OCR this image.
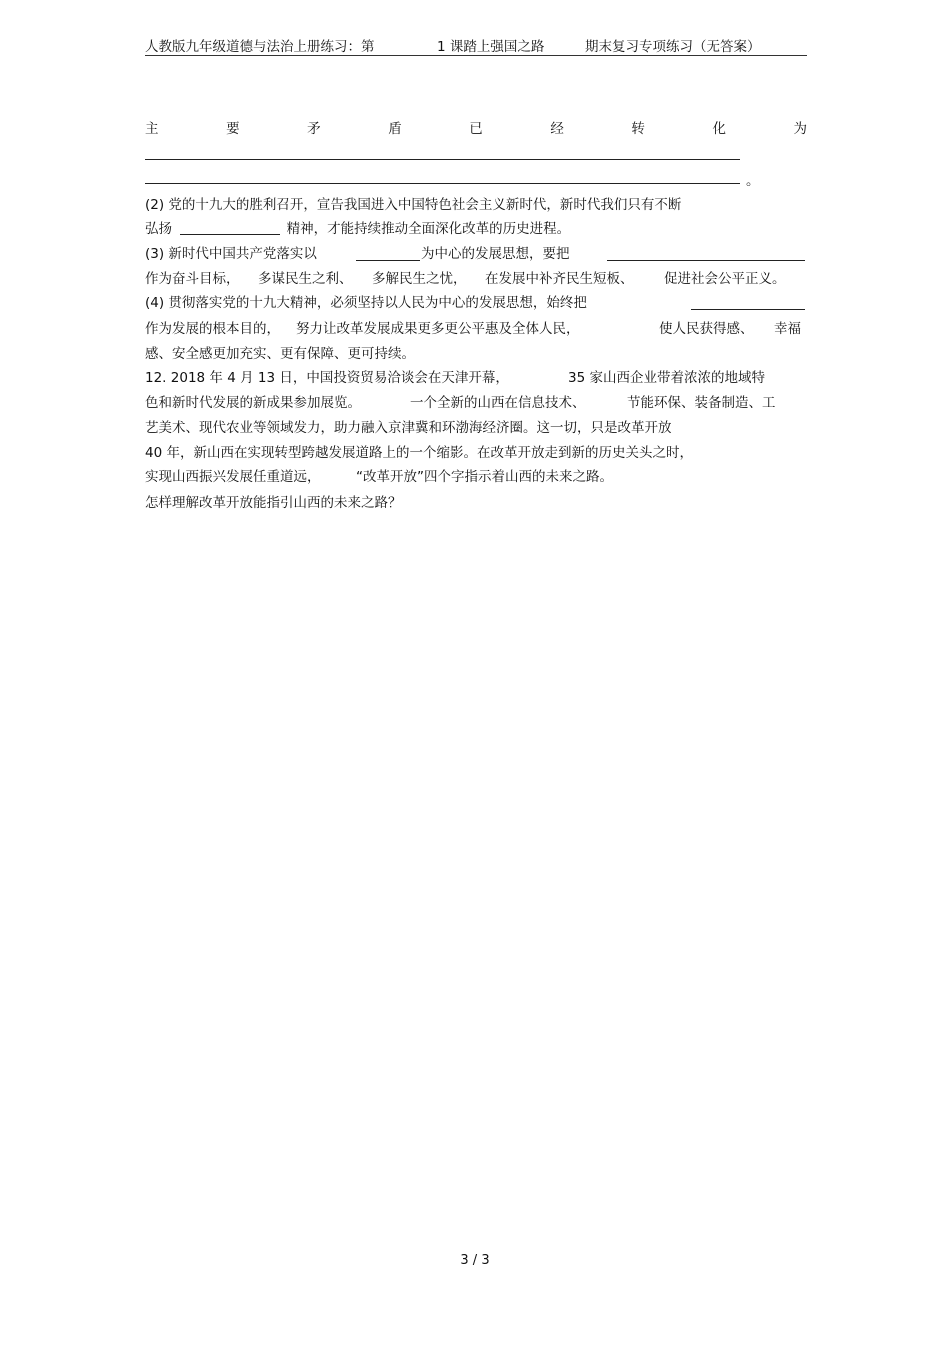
人教版九年级道德与法治上册练习：第	1 课踏上强国之路	期末复习专项练习（无答案）
主	要	矛	盾	已	经	转	化	为
。
(2) 党的十九大的胜利召开，宣告我国进入中国特色社会主义新时代，新时代我们只有不断
弘扬	精神，才能持续推动全面深化改革的历史进程。
(3) 新时代中国共产党落实以	为中心的发展思想，要把
作为奋斗目标， 多谋民生之利、 多解民生之忧， 在发展中补齐民生短板、 促进社会公平正义。
(4) 贯彻落实党的十九大精神，必须坚持以人民为中心的发展思想，始终把
作为发展的根本目的， 努力让改革发展成果更多更公平惠及全体人民，	使人民获得感、 幸福
感、安全感更加充实、更有保障、更可持续。
12. 2018 年 4 月 13 日，中国投资贸易洽谈会在天津开幕，	35 家山西企业带着浓浓的地域特
色和新时代发展的新成果参加展览。	一个全新的山西在信息技术、	节能环保、装备制造、工
艺美术、现代农业等领域发力，助力融入京津冀和环渤海经济圈。这一切，只是改革开放
40 年，新山西在实现转型跨越发展道路上的一个缩影。在改革开放走到新的历史关头之时，
实现山西振兴发展任重道远，	“改革开放”四个字指示着山西的未来之路。
怎样理解改革开放能指引山西的未来之路？
3 / 3
